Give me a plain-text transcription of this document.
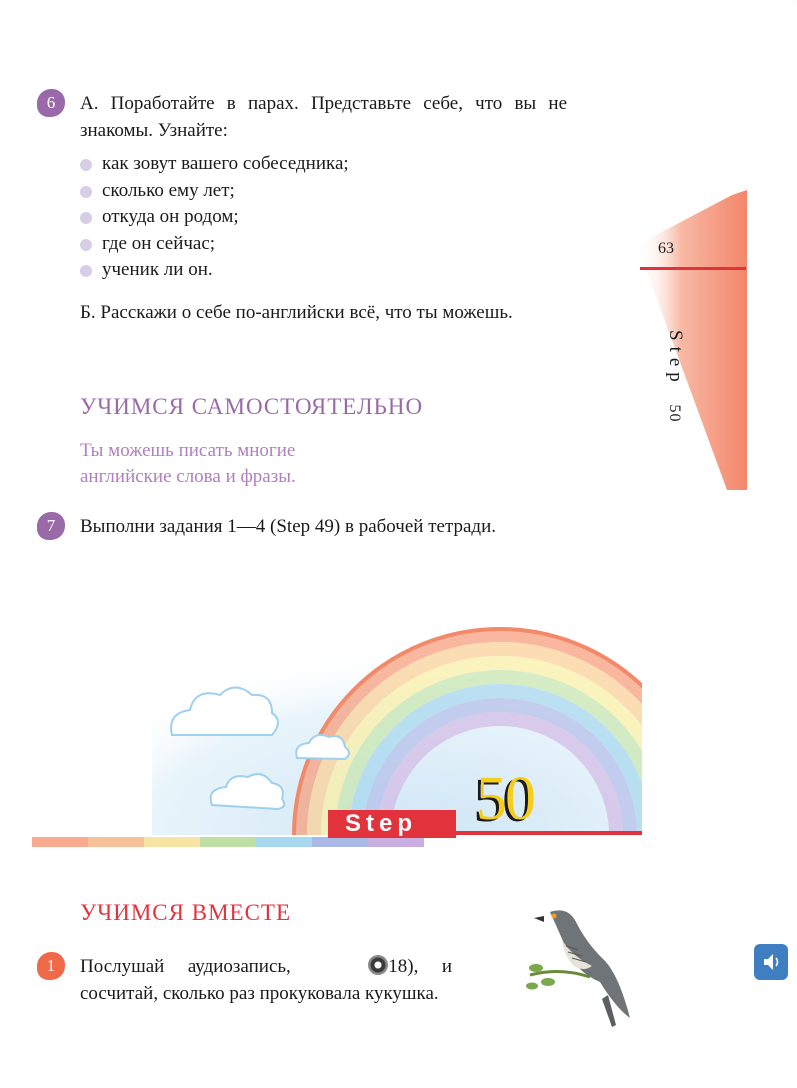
63
Step 50
6	А. Поработайте в парах. Представьте себе, что вы не знакомы. Узнайте:
как зовут вашего собеседника;
сколько ему лет;
откуда он родом;
где он сейчас;
ученик ли он.
Б. Расскажи о себе по-английски всё, что ты можешь.
УЧИМСЯ САМОСТОЯТЕЛЬНО
Ты можешь писать многие
английские слова и фразы.
7	Выполни задания 1—4 (Step 49) в рабочей тетради.
Step 50
УЧИМСЯ ВМЕСТЕ
1	Послушай аудиозапись,	18), и сосчитай, сколько раз прокуковала кукушка.
